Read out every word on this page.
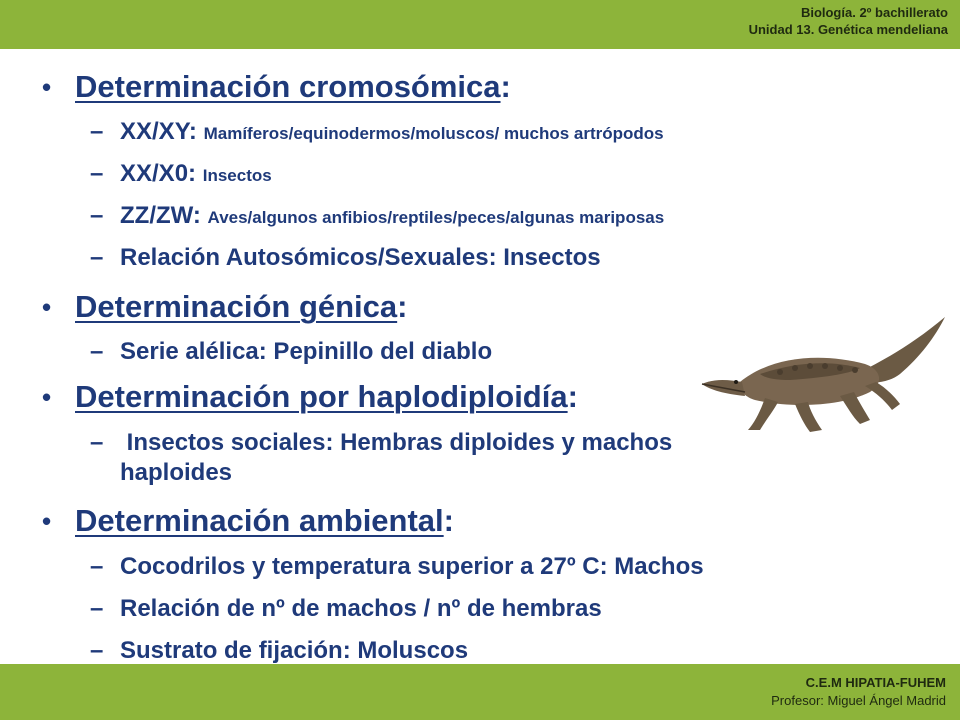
Biología. 2º bachillerato
Unidad 13. Genética mendeliana
• Determinación cromosómica:
– XX/XY: Mamíferos/equinodermos/moluscos/ muchos artrópodos
– XX/X0: Insectos
– ZZ/ZW: Aves/algunos anfibios/reptiles/peces/algunas mariposas
– Relación Autosómicos/Sexuales: Insectos
• Determinación génica:
– Serie alélica: Pepinillo del diablo
• Determinación por haplodiploidía:
– Insectos sociales: Hembras diploides y machos
haploides
• Determinación ambiental:
– Cocodrilos y temperatura superior a 27º C: Machos
– Relación de nº de machos / nº de hembras
– Sustrato de fijación: Moluscos
C.E.M HIPATIA-FUHEM
Profesor: Miguel Ángel Madrid
